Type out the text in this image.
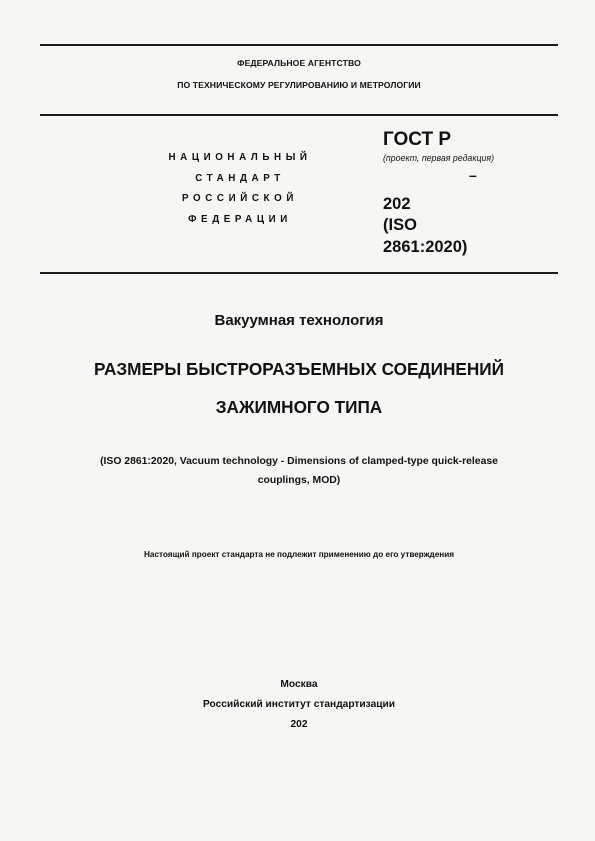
ФЕДЕРАЛЬНОЕ АГЕНТСТВО
ПО ТЕХНИЧЕСКОМУ РЕГУЛИРОВАНИЮ И МЕТРОЛОГИИ
НАЦИОНАЛЬНЫЙ
СТАНДАРТ
РОССИЙСКОЙ
ФЕДЕРАЦИИ
ГОСТ Р
(проект, первая редакция)
–
202
(ISO
2861:2020)
Вакуумная технология
РАЗМЕРЫ БЫСТРОРАЗЪЕМНЫХ СОЕДИНЕНИЙ
ЗАЖИМНОГО ТИПА
(ISO 2861:2020, Vacuum technology - Dimensions of clamped-type quick-release
couplings, MOD)
Настоящий проект стандарта не подлежит применению до его утверждения
Москва
Российский институт стандартизации
202
